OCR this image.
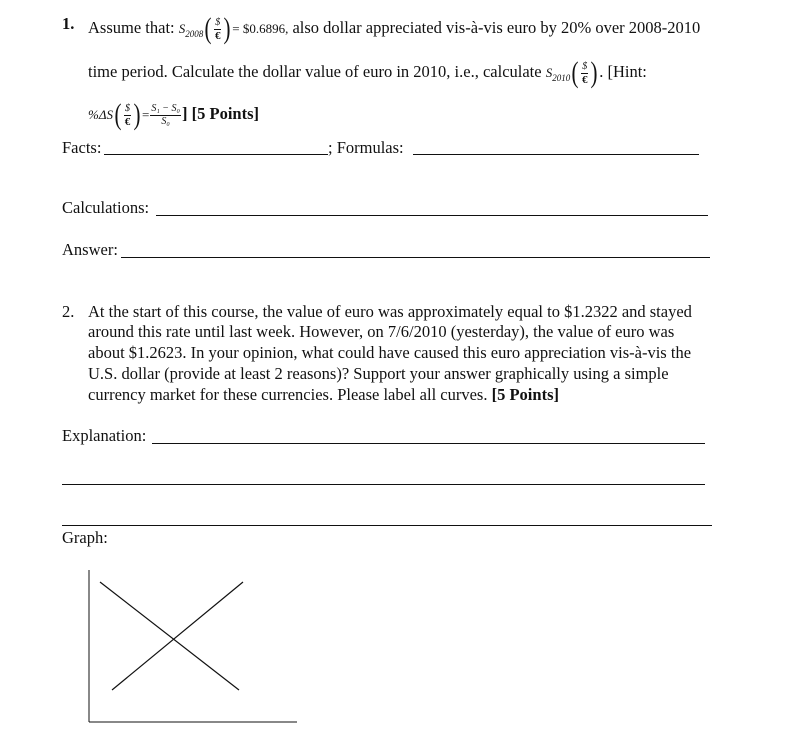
1. Assume that: $S_{2008}( \frac{\$}{€}$ ) = $0.6896, also dollar appreciated vis-à-vis euro by 20% over 2008-2010
time period. Calculate the dollar value of euro in 2010, i.e., calculate $S_{2010}( \frac{\$}{€}$ ). [Hint:
$\%\Delta S( \frac{\$}{€}$ ) = $\frac{\text{S₁ − S₀}}{\text{S₀}}$ ] [5 Points]
Facts:	; Formulas:
Calculations:
Answer:
2. At the start of this course, the value of euro was approximately equal to $1.2322 and stayed
around this rate until last week. However, on 7/6/2010 (yesterday), the value of euro was
about $1.2623. In your opinion, what could have caused this euro appreciation vis-à-vis the
U.S. dollar (provide at least 2 reasons)? Support your answer graphically using a simple
currency market for these currencies. Please label all curves. [5 Points]
Explanation:
Graph:
